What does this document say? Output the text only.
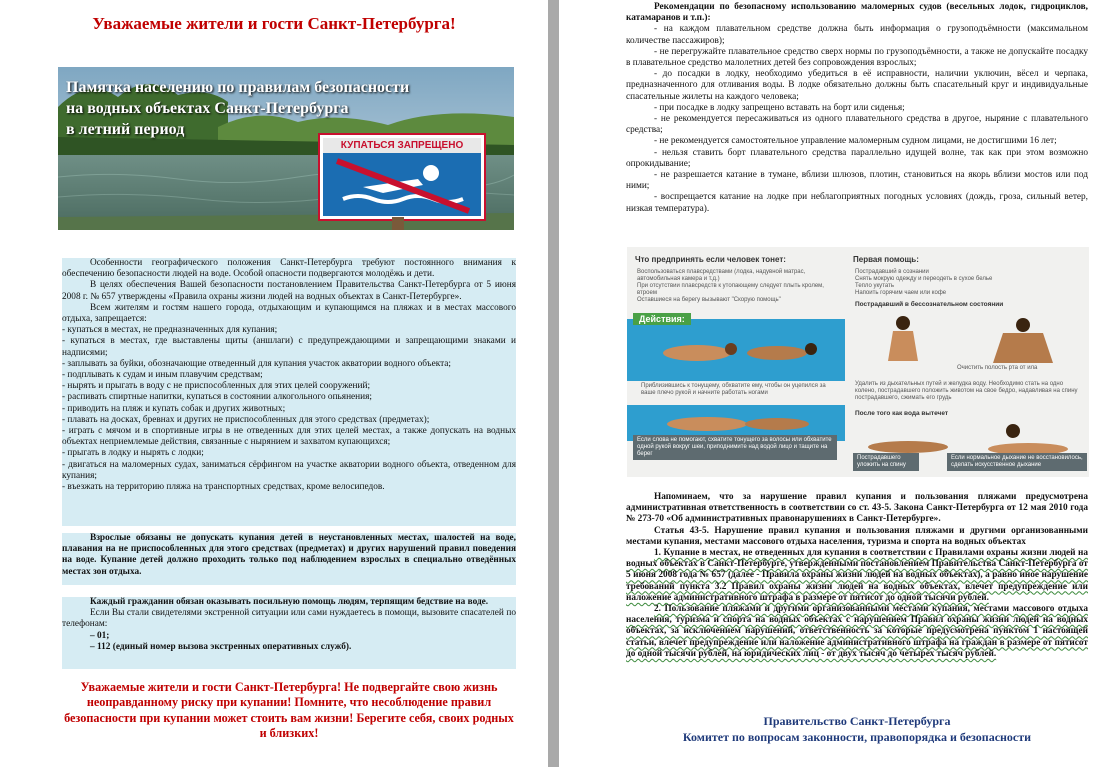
Уважаемые жители и гости Санкт-Петербурга!
Памятка населению по правилам безопасности
на водных объектах Санкт-Петербурга
в летний период
КУПАТЬСЯ ЗАПРЕЩЕНО

Особенности географического положения Санкт-Петербурга требуют постоянного внимания к обеспечению безопасности людей на воде. Особой опасности подвергаются молодёжь и дети.

В целях обеспечения Вашей безопасности постановлением Правительства Санкт-Петербурга от 5 июня 2008 г. № 657 утверждены «Правила охраны жизни людей на водных объектах в Санкт-Петербурге».

Всем жителям и гостям нашего города, отдыхающим и купающимся на пляжах и в местах массового отдыха, запрещается:

- купаться в местах, не предназначенных для купания;

- купаться в местах, где выставлены щиты (аншлаги) с предупреждающими и запрещающими знаками и надписями;

- заплывать за буйки, обозначающие отведенный для купания участок акватории водного объекта;

- подплывать к судам и иным плавучим средствам;

- нырять и прыгать в воду с не приспособленных для этих целей сооружений;

- распивать спиртные напитки, купаться в состоянии алкогольного опьянения;

- приводить на пляж и купать собак и других животных;

- плавать на досках, бревнах и других не приспособленных для этого средствах (предметах);

- играть с мячом и в спортивные игры в не отведенных для этих целей местах, а также допускать на водных объектах неприемлемые действия, связанные с нырянием и захватом купающихся;

- прыгать в лодку и нырять с лодки;

- двигаться на маломерных судах, заниматься сёрфингом на участке акватории водного объекта, отведенном для купания;

- въезжать на территорию пляжа на транспортных средствах, кроме велосипедов.

Взрослые обязаны не допускать купания детей в неустановленных местах, шалостей на воде, плавания на не приспособленных для этого средствах (предметах) и других нарушений правил поведения на воде. Купание детей должно проходить только под наблюдением взрослых в специально отведённых местах зон отдыха.

Каждый гражданин обязан оказывать посильную помощь людям, терпящим бедствие на воде.

Если Вы стали свидетелями экстренной ситуации или сами нуждаетесь в помощи, вызовите спасателей по телефонам:

– 01;

– 112 (единый номер вызова экстренных оперативных служб).

Уважаемые жители и гости Санкт-Петербурга! Не подвергайте свою жизнь неоправданному риску при купании! Помните, что несоблюдение правил безопасности при купании может стоить вам жизни! Берегите себя, своих родных и близких!

Рекомендации по безопасному использованию маломерных судов (весельных лодок, гидроциклов, катамаранов и т.п.):

- на каждом плавательном средстве должна быть информация о грузоподъёмности (максимальном количестве пассажиров);

- не перегружайте плавательное средство сверх нормы по грузоподъёмности, а также не допускайте посадку в плавательное средство малолетних детей без сопровождения взрослых;

- до посадки в лодку, необходимо убедиться в её исправности, наличии уключин, вёсел и черпака, предназначенного для отливания воды. В лодке обязательно должны быть спасательный круг и индивидуальные спасательные жилеты на каждого человека;

- при посадке в лодку запрещено вставать на борт или сиденья;

- не рекомендуется пересаживаться из одного плавательного средства в другое, ныряние с плавательного средства;

- не рекомендуется самостоятельное управление маломерным судном лицами, не достигшими 16 лет;

- нельзя ставить борт плавательного средства параллельно идущей волне, так как при этом возможно опрокидывание;

- не разрешается катание в тумане, вблизи шлюзов, плотин, становиться на якорь вблизи мостов или под ними;

- воспрещается катание на лодке при неблагоприятных погодных условиях (дождь, гроза, сильный ветер, низкая температура).

Что предпринять если человек тонет:
Воспользоваться плавсредствами (лодка, надувной матрас, автомобильная камера и т.д.)
При отсутствии плавсредств к утопающему следует плыть кролем, втроем
Оставшиеся на берегу вызывают "Скорую помощь"
Действия:
Приблизившись к тонущему, обхватите ему, чтобы он уцепился за ваше плечо рукой и начните работать ногами
Если слова не помогают, схватите тонущего за волосы или обхватите одной рукой вокруг шеи, приподнимите над водой лицо и тащите на берег
Первая помощь:
Пострадавший в сознании
Снять мокрую одежду и переодеть в сухое белье
Тепло укутать
Напоить горячим чаем или кофе
Пострадавший в бессознательном состоянии
Очистить полость рта от ила
Удалить из дыхательных путей и желудка воду. Необходимо стать на одно колено, пострадавшего положить животом на свое бедро, надавливая на спину пострадавшего, сжимать его грудь
После того как вода вытечет
Пострадавшего уложить на спину
Если нормальное дыхание не восстановилось, сделать искусственное дыхание

Напоминаем, что за нарушение правил купания и пользования пляжами предусмотрена административная ответственность в соответствии со ст. 43-5. Закона Санкт-Петербурга от 12 мая 2010 года № 273-70 «Об административных правонарушениях в Санкт-Петербурге».

Статья 43-5. Нарушение правил купания и пользования пляжами и другими организованными местами купания, местами массового отдыха населения, туризма и спорта на водных объектах

1. Купание в местах, не отведенных для купания в соответствии с Правилами охраны жизни людей на водных объектах в Санкт-Петербурге, утвержденными постановлением Правительства Санкт-Петербурга от 5 июня 2008 года № 657 (далее - Правила охраны жизни людей на водных объектах), а равно иное нарушение требований пункта 3.2 Правил охраны жизни людей на водных объектах, влечет предупреждение или наложение административного штрафа в размере от пятисот до одной тысячи рублей.

2. Пользование пляжами и другими организованными местами купания, местами массового отдыха населения, туризма и спорта на водных объектах с нарушением Правил охраны жизни людей на водных объектах, за исключением нарушений, ответственность за которые предусмотрена пунктом 1 настоящей статьи, влечет предупреждение или наложение административного штрафа на граждан в размере от пятисот до одной тысячи рублей, на юридических лиц - от двух тысяч до четырех тысяч рублей.

Правительство Санкт-Петербурга

Комитет по вопросам законности, правопорядка и безопасности
